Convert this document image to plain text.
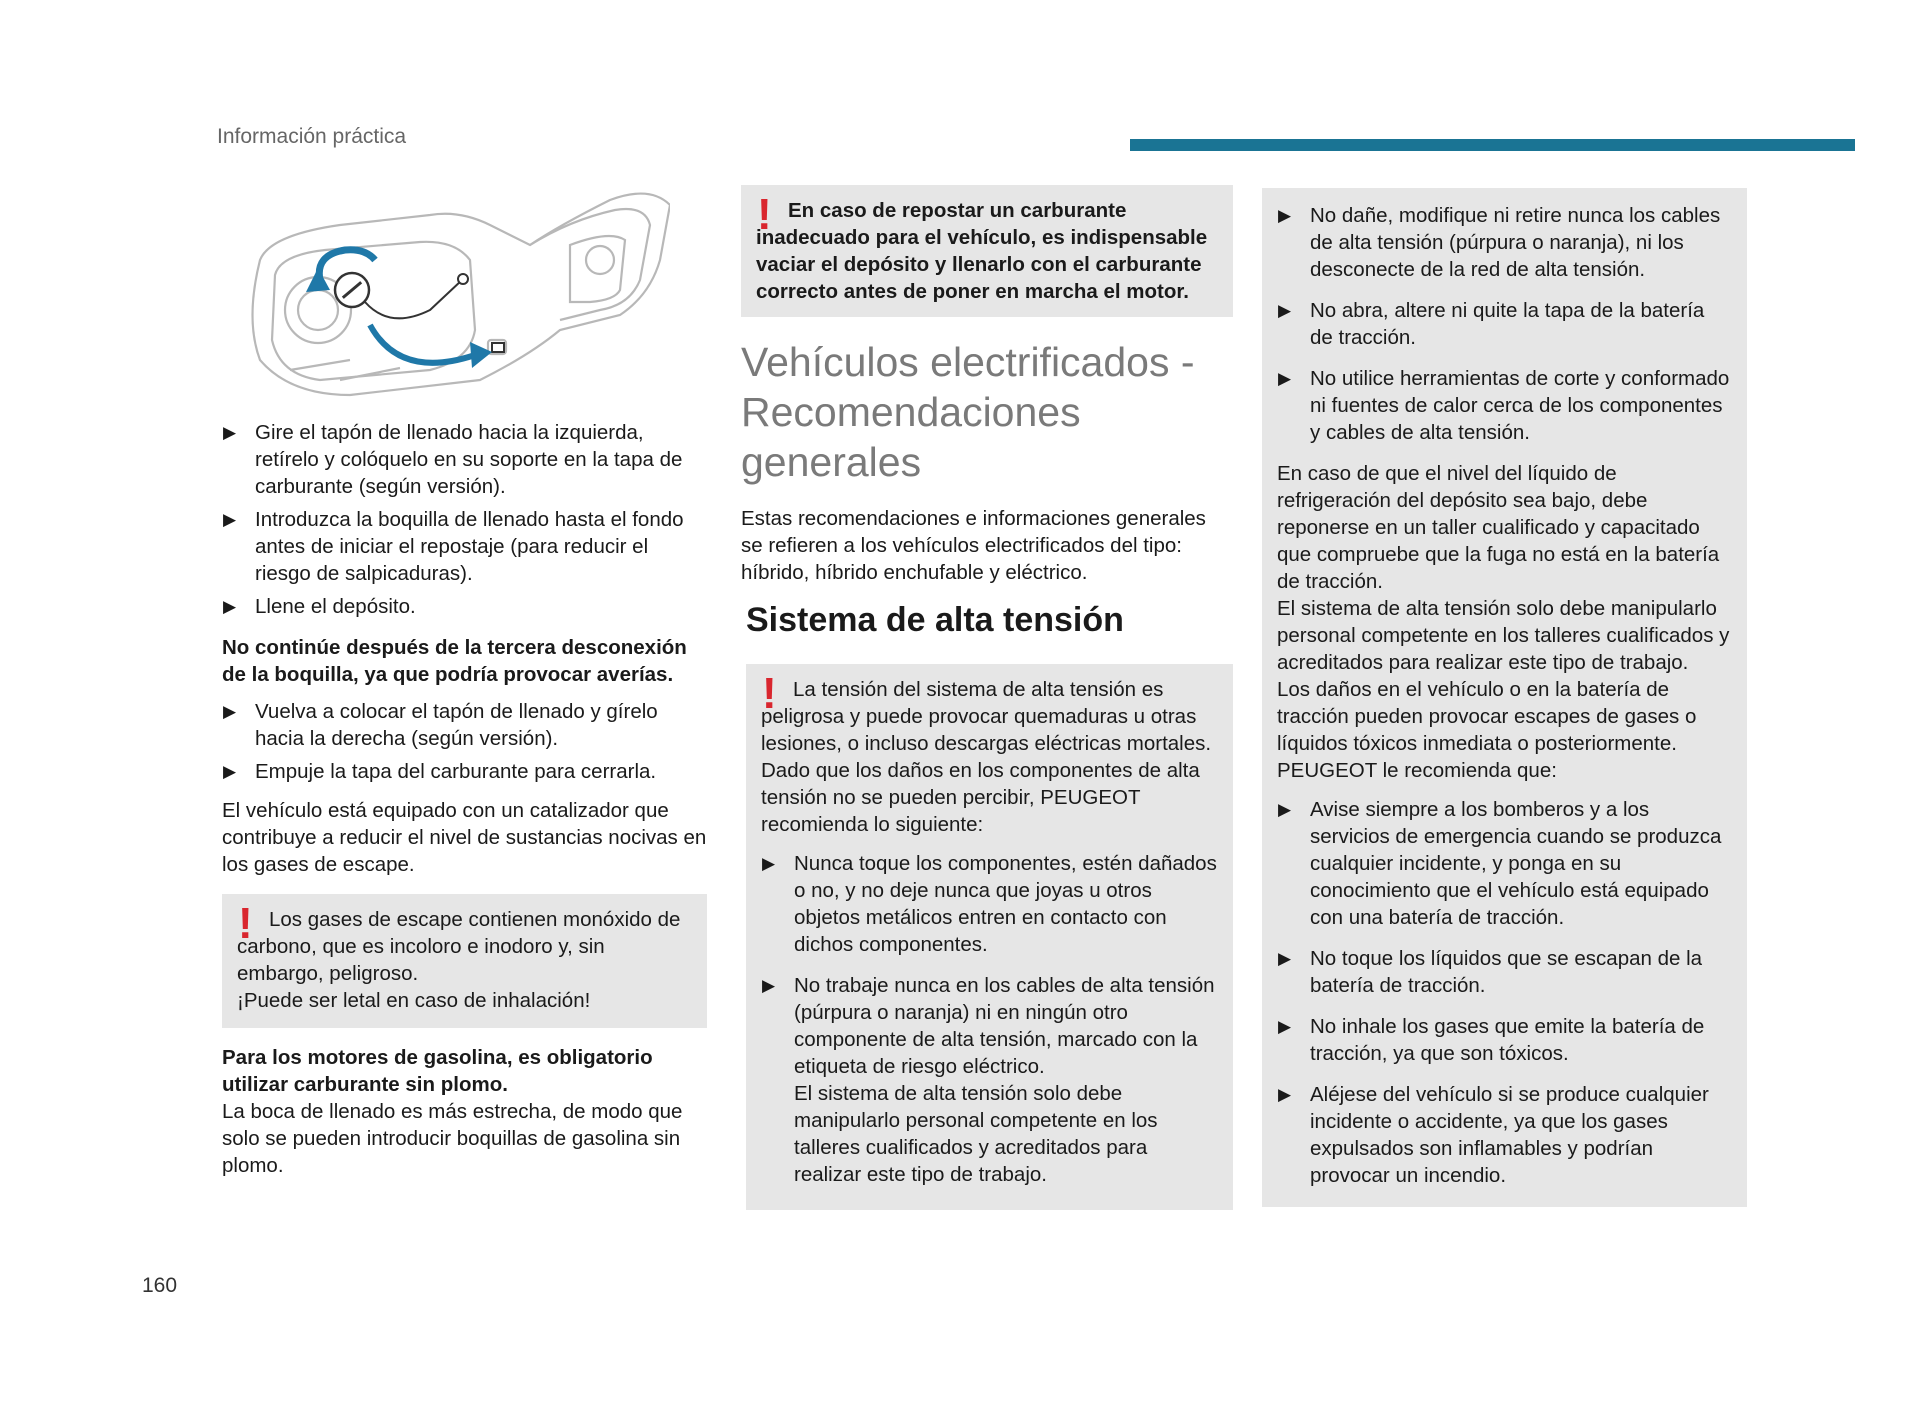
Información práctica
▶ Gire el tapón de llenado hacia la izquierda, retírelo y colóquelo en su soporte en la tapa de carburante (según versión).
▶ Introduzca la boquilla de llenado hasta el fondo antes de iniciar el repostaje (para reducir el riesgo de salpicaduras).
▶ Llene el depósito.

No continúe después de la tercera desconexión de la boquilla, ya que podría provocar averías.

▶ Vuelva a colocar el tapón de llenado y gírelo hacia la derecha (según versión).
▶ Empuje la tapa del carburante para cerrarla.

El vehículo está equipado con un catalizador que contribuye a reducir el nivel de sustancias nocivas en los gases de escape.

! Los gases de escape contienen monóxido de carbono, que es incoloro e inodoro y, sin embargo, peligroso.
¡Puede ser letal en caso de inhalación!

Para los motores de gasolina, es obligatorio utilizar carburante sin plomo.

La boca de llenado es más estrecha, de modo que solo se pueden introducir boquillas de gasolina sin plomo.

! En caso de repostar un carburante inadecuado para el vehículo, es indispensable vaciar el depósito y llenarlo con el carburante correcto antes de poner en marcha el motor.
Vehículos electrificados - Recomendaciones generales

Estas recomendaciones e informaciones generales se refieren a los vehículos electrificados del tipo: híbrido, híbrido enchufable y eléctrico.

Sistema de alta tensión
! La tensión del sistema de alta tensión es peligrosa y puede provocar quemaduras u otras lesiones, o incluso descargas eléctricas mortales.
Dado que los daños en los componentes de alta tensión no se pueden percibir, PEUGEOT recomienda lo siguiente:
▶ Nunca toque los componentes, estén dañados o no, y no deje nunca que joyas u otros objetos metálicos entren en contacto con dichos componentes.
▶ No trabaje nunca en los cables de alta tensión (púrpura o naranja) ni en ningún otro componente de alta tensión, marcado con la etiqueta de riesgo eléctrico.
El sistema de alta tensión solo debe manipularlo personal competente en los talleres cualificados y acreditados para realizar este tipo de trabajo.
▶ No dañe, modifique ni retire nunca los cables de alta tensión (púrpura o naranja), ni los desconecte de la red de alta tensión.
▶ No abra, altere ni quite la tapa de la batería de tracción.
▶ No utilice herramientas de corte y conformado ni fuentes de calor cerca de los componentes y cables de alta tensión.

En caso de que el nivel del líquido de refrigeración del depósito sea bajo, debe reponerse en un taller cualificado y capacitado que compruebe que la fuga no está en la batería de tracción.

El sistema de alta tensión solo debe manipularlo personal competente en los talleres cualificados y acreditados para realizar este tipo de trabajo.

Los daños en el vehículo o en la batería de tracción pueden provocar escapes de gases o líquidos tóxicos inmediata o posteriormente.

PEUGEOT le recomienda que:

▶ Avise siempre a los bomberos y a los servicios de emergencia cuando se produzca cualquier incidente, y ponga en su conocimiento que el vehículo está equipado con una batería de tracción.
▶ No toque los líquidos que se escapan de la batería de tracción.
▶ No inhale los gases que emite la batería de tracción, ya que son tóxicos.
▶ Aléjese del vehículo si se produce cualquier incidente o accidente, ya que los gases expulsados son inflamables y podrían provocar un incendio.
160
